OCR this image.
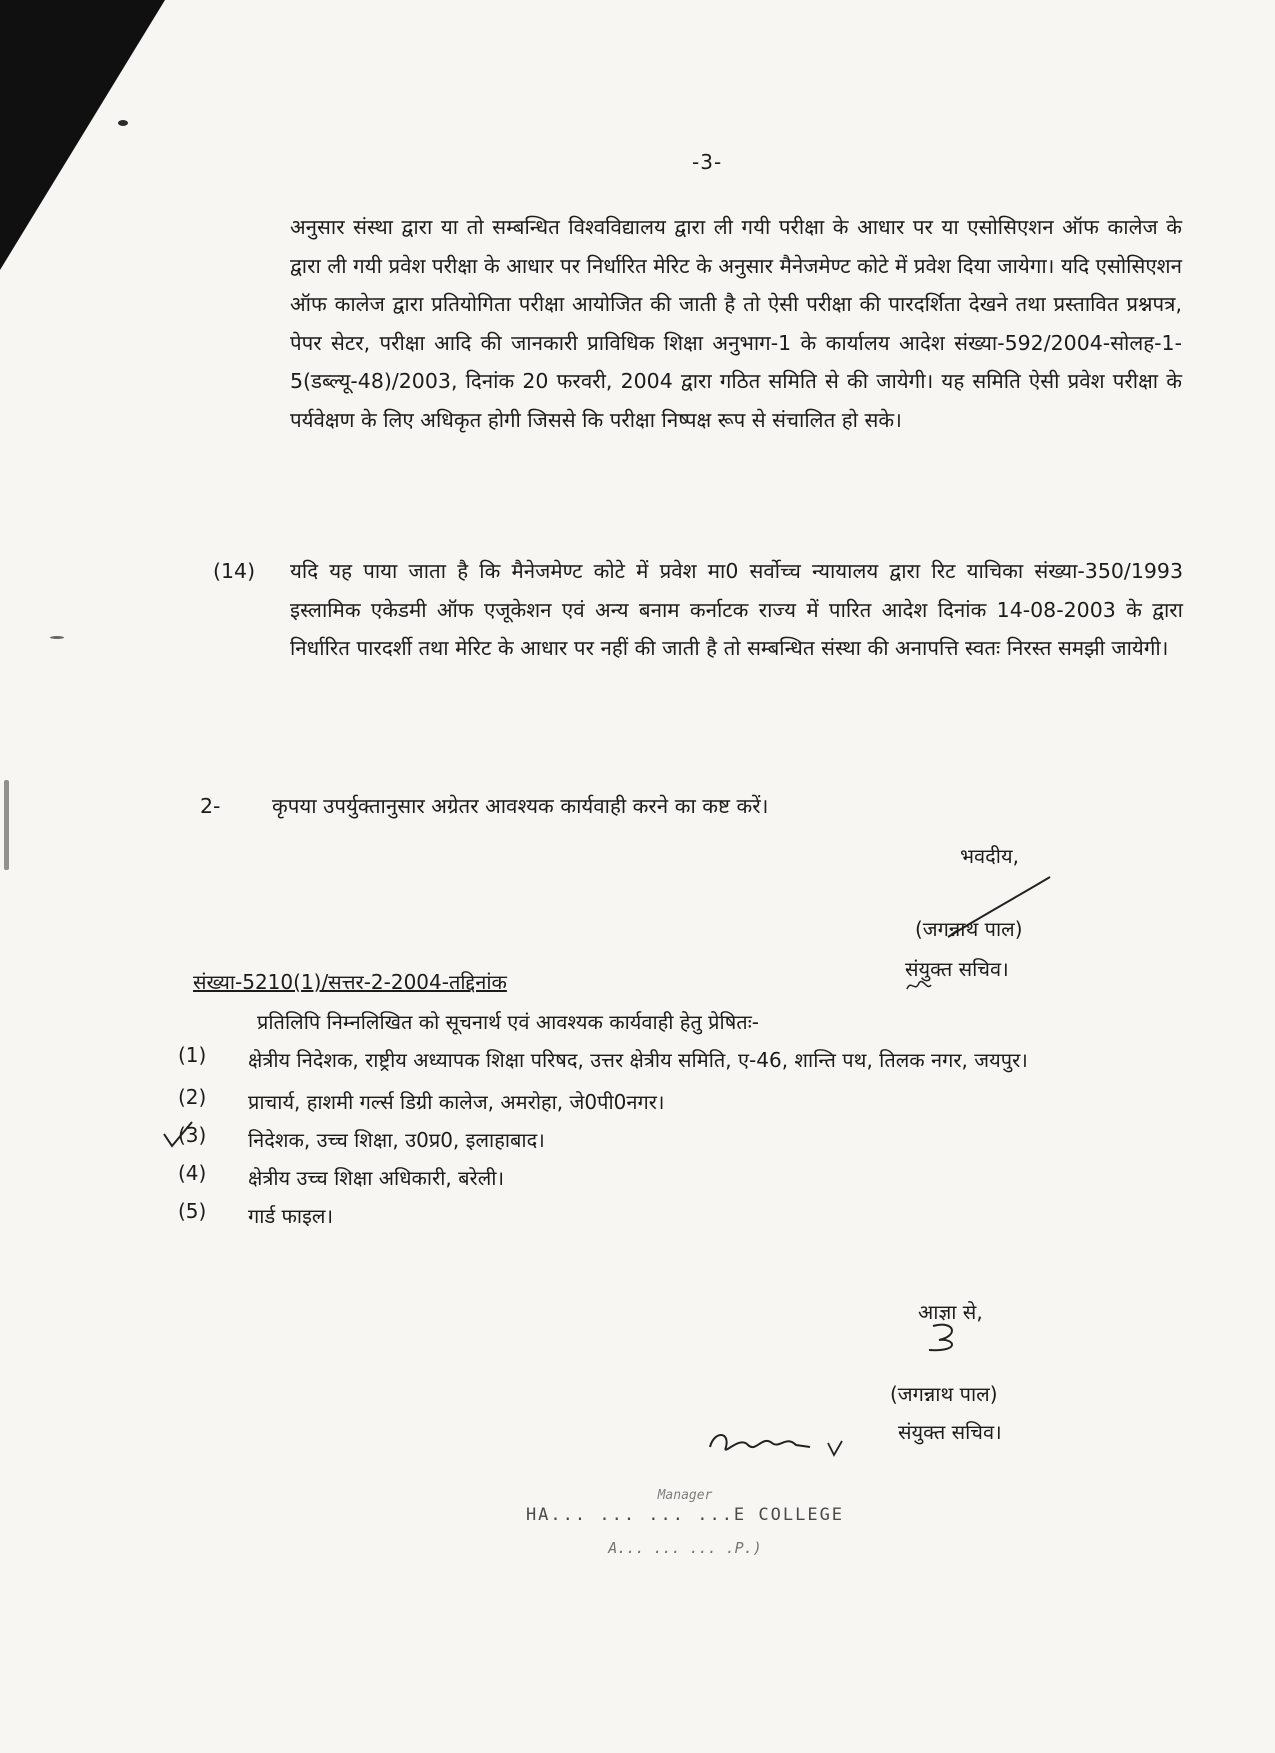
-3-
अनुसार संस्था द्वारा या तो सम्बन्धित विश्वविद्यालय द्वारा ली गयी परीक्षा के आधार पर या एसोसिएशन ऑफ कालेज के द्वारा ली गयी प्रवेश परीक्षा के आधार पर निर्धारित मेरिट के अनुसार मैनेजमेण्ट कोटे में प्रवेश दिया जायेगा। यदि एसोसिएशन ऑफ कालेज द्वारा प्रतियोगिता परीक्षा आयोजित की जाती है तो ऐसी परीक्षा की पारदर्शिता देखने तथा प्रस्तावित प्रश्नपत्र, पेपर सेटर, परीक्षा आदि की जानकारी प्राविधिक शिक्षा अनुभाग-1 के कार्यालय आदेश संख्या-592/2004-सोलह-1-5(डब्ल्यू-48)/2003, दिनांक 20 फरवरी, 2004 द्वारा गठित समिति से की जायेगी। यह समिति ऐसी प्रवेश परीक्षा के पर्यवेक्षण के लिए अधिकृत होगी जिससे कि परीक्षा निष्पक्ष रूप से संचालित हो सके।
(14) यदि यह पाया जाता है कि मैनेजमेण्ट कोटे में प्रवेश मा0 सर्वोच्च न्यायालय द्वारा रिट याचिका संख्या-350/1993 इस्लामिक एकेडमी ऑफ एजूकेशन एवं अन्य बनाम कर्नाटक राज्य में पारित आदेश दिनांक 14-08-2003 के द्वारा निर्धारित पारदर्शी तथा मेरिट के आधार पर नहीं की जाती है तो सम्बन्धित संस्था की अनापत्ति स्वतः निरस्त समझी जायेगी।
2-	कृपया उपर्युक्तानुसार अग्रेतर आवश्यक कार्यवाही करने का कष्ट करें।
भवदीय,
(जगन्नाथ पाल)
संयुक्त सचिव।
संख्या-5210(1)/सत्तर-2-2004-तद्दिनांक
प्रतिलिपि निम्नलिखित को सूचनार्थ एवं आवश्यक कार्यवाही हेतु प्रेषितः-
(1)	क्षेत्रीय निदेशक, राष्ट्रीय अध्यापक शिक्षा परिषद, उत्तर क्षेत्रीय समिति, ए-46, शान्ति पथ, तिलक नगर, जयपुर।
(2)	प्राचार्य, हाशमी गर्ल्स डिग्री कालेज, अमरोहा, जे0पी0नगर।
(3)	निदेशक, उच्च शिक्षा, उ0प्र0, इलाहाबाद।
(4)	क्षेत्रीय उच्च शिक्षा अधिकारी, बरेली।
(5)	गार्ड फाइल।
आज्ञा से,
(जगन्नाथ पाल)
संयुक्त सचिव।
Manager
HA... ... ... ...E COLLEGE
A... ... ... .P.)
